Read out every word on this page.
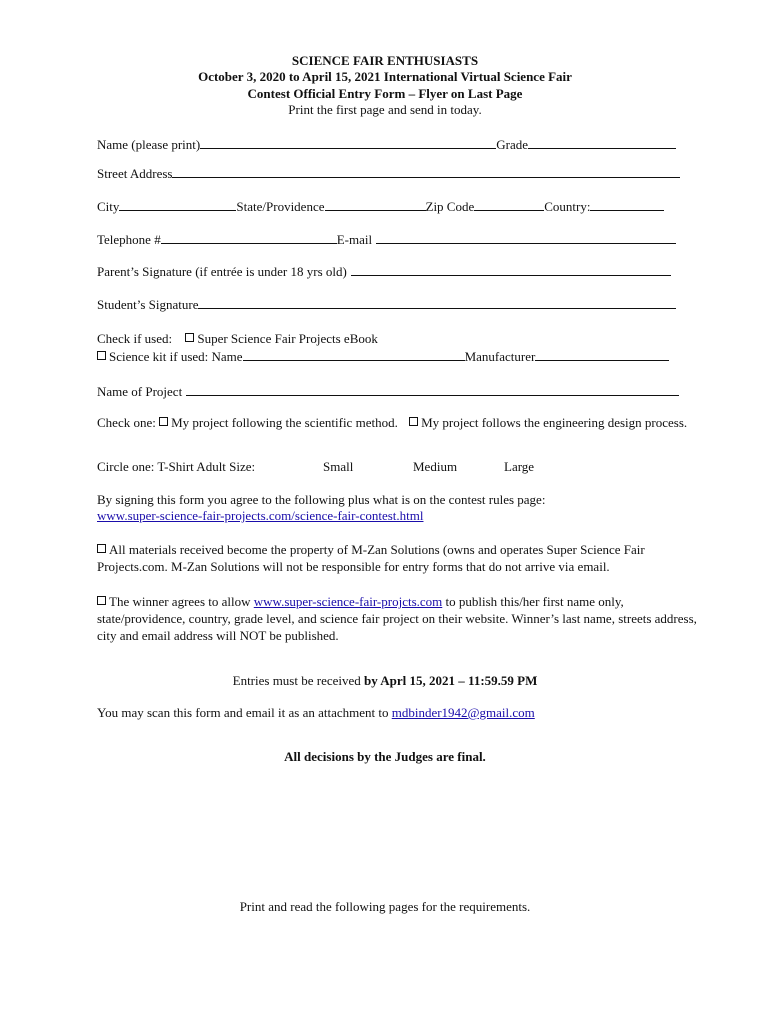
SCIENCE FAIR ENTHUSIASTS
October 3, 2020 to April 15, 2021 International Virtual Science Fair
Contest Official Entry Form – Flyer on Last Page
Print the first page and send in today.
Name (please print)	Grade
Street Address
City	State/Providence	Zip Code	Country:
Telephone #	E-mail
Parent’s Signature (if entrée is under 18 yrs old)
Student’s Signature
Check if used: Super Science Fair Projects eBook
Science kit if used: Name	Manufacturer
Name of Project
Check one: My project following the scientific method. My project follows the engineering design process.
Circle one: T-Shirt Adult Size:	Small	Medium	Large
By signing this form you agree to the following plus what is on the contest rules page:
www.super-science-fair-projects.com/science-fair-contest.html
All materials received become the property of M-Zan Solutions (owns and operates Super Science Fair Projects.com. M-Zan Solutions will not be responsible for entry forms that do not arrive via email.
The winner agrees to allow www.super-science-fair-projcts.com to publish this/her first name only, state/providence, country, grade level, and science fair project on their website. Winner’s last name, streets address, city and email address will NOT be published.
Entries must be received by Aprl 15, 2021 – 11:59.59 PM
You may scan this form and email it as an attachment to mdbinder1942@gmail.com
All decisions by the Judges are final.
Print and read the following pages for the requirements.
